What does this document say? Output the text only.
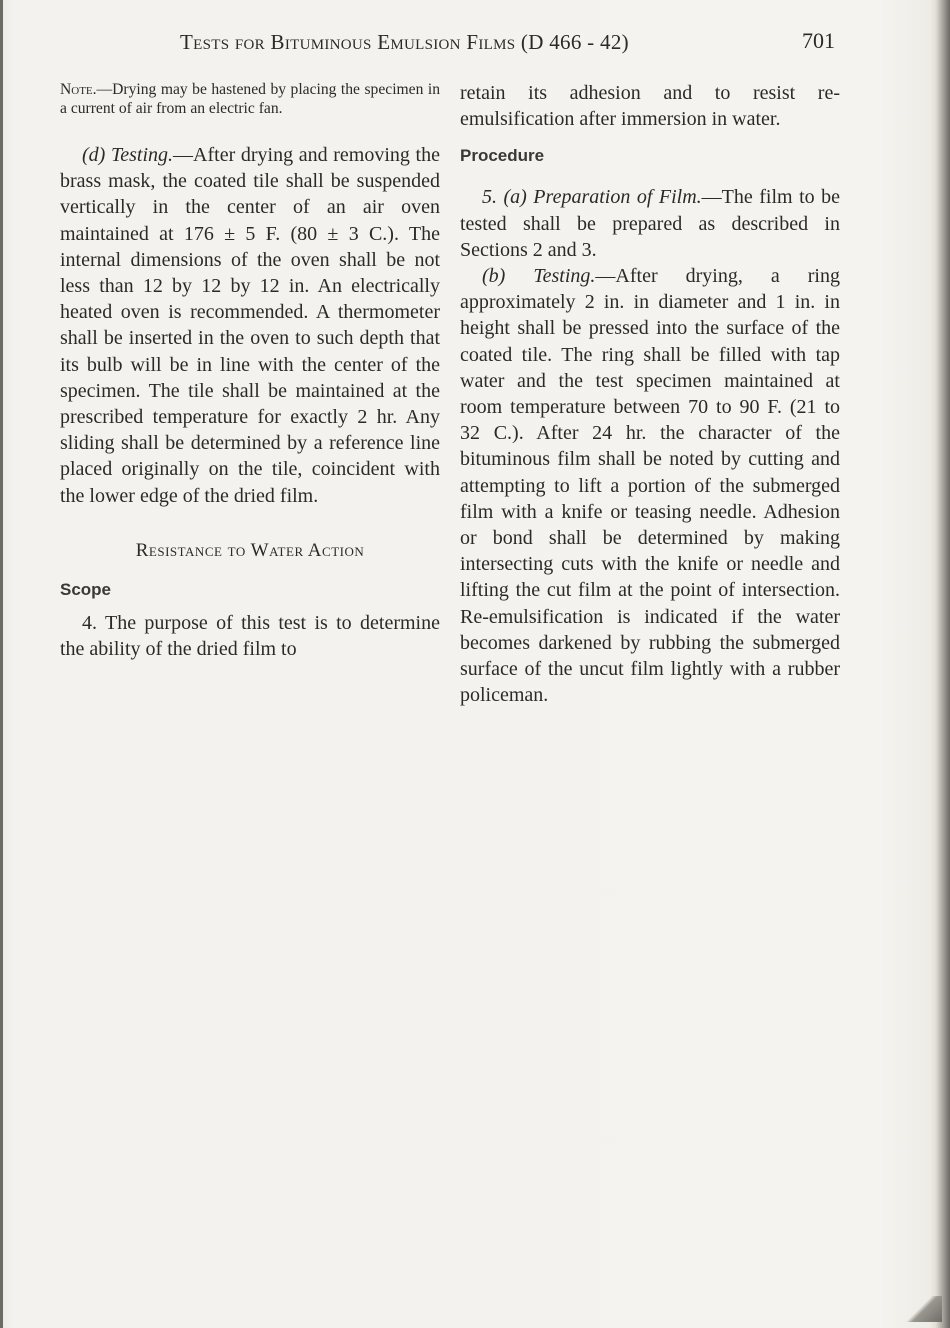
Tests for Bituminous Emulsion Films (D 466 - 42)	701
Note.—Drying may be hastened by placing the specimen in a current of air from an electric fan.

(d) Testing.—After drying and removing the brass mask, the coated tile shall be suspended vertically in the center of an air oven maintained at 176 ± 5 F. (80 ± 3 C.). The internal dimensions of the oven shall be not less than 12 by 12 by 12 in. An electrically heated oven is recommended. A thermometer shall be inserted in the oven to such depth that its bulb will be in line with the center of the specimen. The tile shall be maintained at the prescribed temperature for exactly 2 hr. Any sliding shall be determined by a reference line placed originally on the tile, coincident with the lower edge of the dried film.

Resistance to Water Action
Scope

4. The purpose of this test is to determine the ability of the dried film to

retain its adhesion and to resist re-emulsification after immersion in water.

Procedure

5. (a) Preparation of Film.—The film to be tested shall be prepared as described in Sections 2 and 3.

(b) Testing.—After drying, a ring approximately 2 in. in diameter and 1 in. in height shall be pressed into the surface of the coated tile. The ring shall be filled with tap water and the test specimen maintained at room temperature between 70 to 90 F. (21 to 32 C.). After 24 hr. the character of the bituminous film shall be noted by cutting and attempting to lift a portion of the submerged film with a knife or teasing needle. Adhesion or bond shall be determined by making intersecting cuts with the knife or needle and lifting the cut film at the point of intersection. Re-emulsification is indicated if the water becomes darkened by rubbing the submerged surface of the uncut film lightly with a rubber policeman.
